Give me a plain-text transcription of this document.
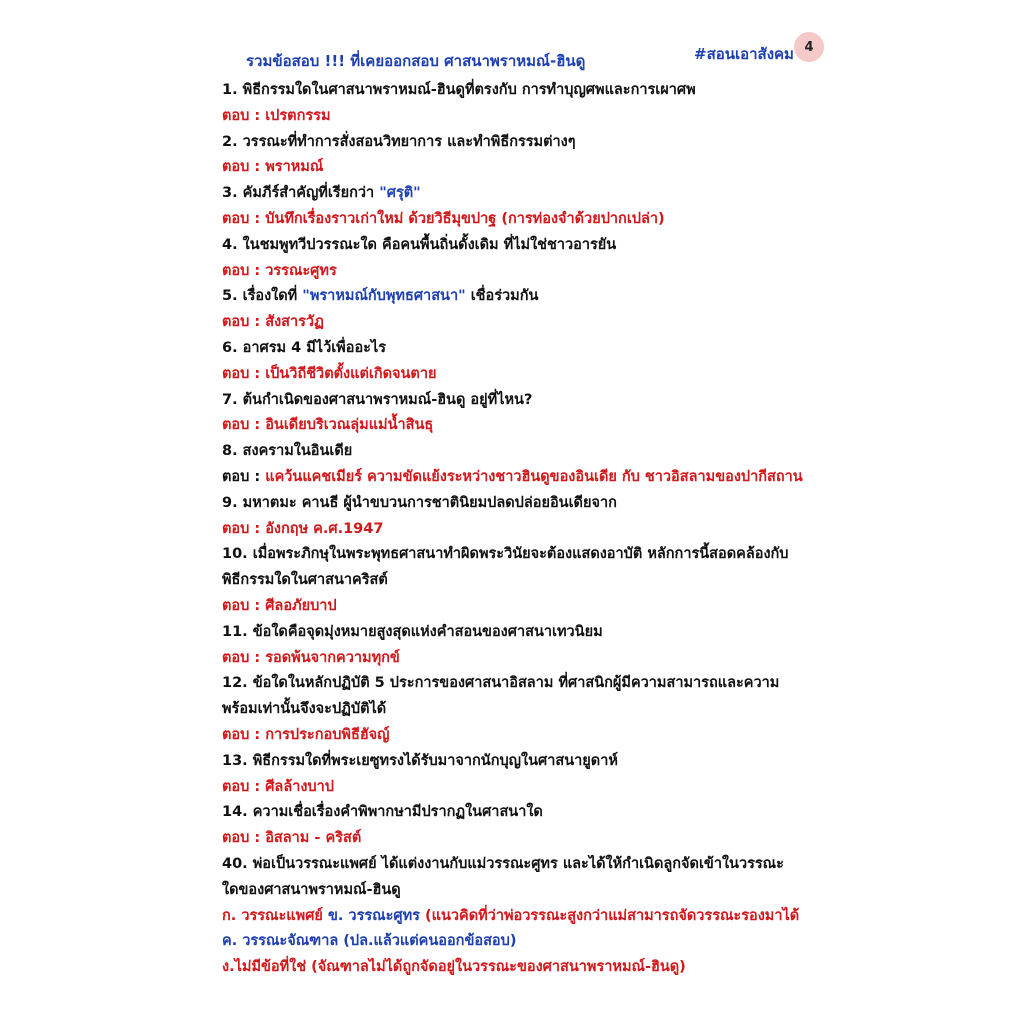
รวมข้อสอบ !!! ที่เคยออกสอบ ศาสนาพราหมณ์-ฮินดู	#สอนเอาสังคม 4
1. พิธีกรรมใดในศาสนาพราหมณ์-ฮินดูที่ตรงกับ การทำบุญศพและการเผาศพ
ตอบ : เปรตกรรม
2. วรรณะที่ทำการสั่งสอนวิทยาการ และทำพิธีกรรมต่างๆ
ตอบ : พราหมณ์
3. คัมภีร์สำคัญที่เรียกว่า "ศรุติ"
ตอบ : บันทึกเรื่องราวเก่าใหม่ ด้วยวิธีมุขปาฐ (การท่องจำด้วยปากเปล่า)
4. ในชมพูทวีปวรรณะใด คือคนพื้นถิ่นดั้งเดิม ที่ไม่ใช่ชาวอารยัน
ตอบ : วรรณะศูทร
5. เรื่องใดที่ "พราหมณ์กับพุทธศาสนา" เชื่อร่วมกัน
ตอบ : สังสารวัฏ
6. อาศรม 4 มีไว้เพื่ออะไร
ตอบ : เป็นวิถีชีวิตตั้งแต่เกิดจนตาย
7. ต้นกำเนิดของศาสนาพราหมณ์-ฮินดู อยู่ที่ไหน?
ตอบ : อินเดียบริเวณลุ่มแม่น้ำสินธุ
8. สงครามในอินเดีย
ตอบ : แคว้นแคชเมียร์ ความขัดแย้งระหว่างชาวฮินดูของอินเดีย กับ ชาวอิสลามของปากีสถาน
9. มหาตมะ คานธี ผู้นำขบวนการชาตินิยมปลดปล่อยอินเดียจาก
ตอบ : อังกฤษ ค.ศ.1947
10. เมื่อพระภิกษุในพระพุทธศาสนาทำผิดพระวินัยจะต้องแสดงอาบัติ หลักการนี้สอดคล้องกับ
พิธีกรรมใดในศาสนาคริสต์
ตอบ : ศีลอภัยบาป
11. ข้อใดคือจุดมุ่งหมายสูงสุดแห่งคำสอนของศาสนาเทวนิยม
ตอบ : รอดพ้นจากความทุกข์
12. ข้อใดในหลักปฏิบัติ 5 ประการของศาสนาอิสลาม ที่ศาสนิกผู้มีความสามารถและความ
พร้อมเท่านั้นจึงจะปฏิบัติได้
ตอบ : การประกอบพิธีฮัจญ์
13. พิธีกรรมใดที่พระเยซูทรงได้รับมาจากนักบุญในศาสนายูดาห์
ตอบ : ศีลล้างบาป
14. ความเชื่อเรื่องคำพิพากษามีปรากฏในศาสนาใด
ตอบ : อิสลาม - คริสต์
40. พ่อเป็นวรรณะแพศย์ ได้แต่งงานกับแม่วรรณะศูทร และได้ให้กำเนิดลูกจัดเข้าในวรรณะ
ใดของศาสนาพราหมณ์-ฮินดู
ก. วรรณะแพศย์ ข. วรรณะศูทร (แนวคิดที่ว่าพ่อวรรณะสูงกว่าแม่สามารถจัดวรรณะรองมาได้
ค. วรรณะจัณฑาล (ปล.แล้วแต่คนออกข้อสอบ)
ง.ไม่มีข้อที่ใช่ (จัณฑาลไม่ได้ถูกจัดอยู่ในวรรณะของศาสนาพราหมณ์-ฮินดู)
